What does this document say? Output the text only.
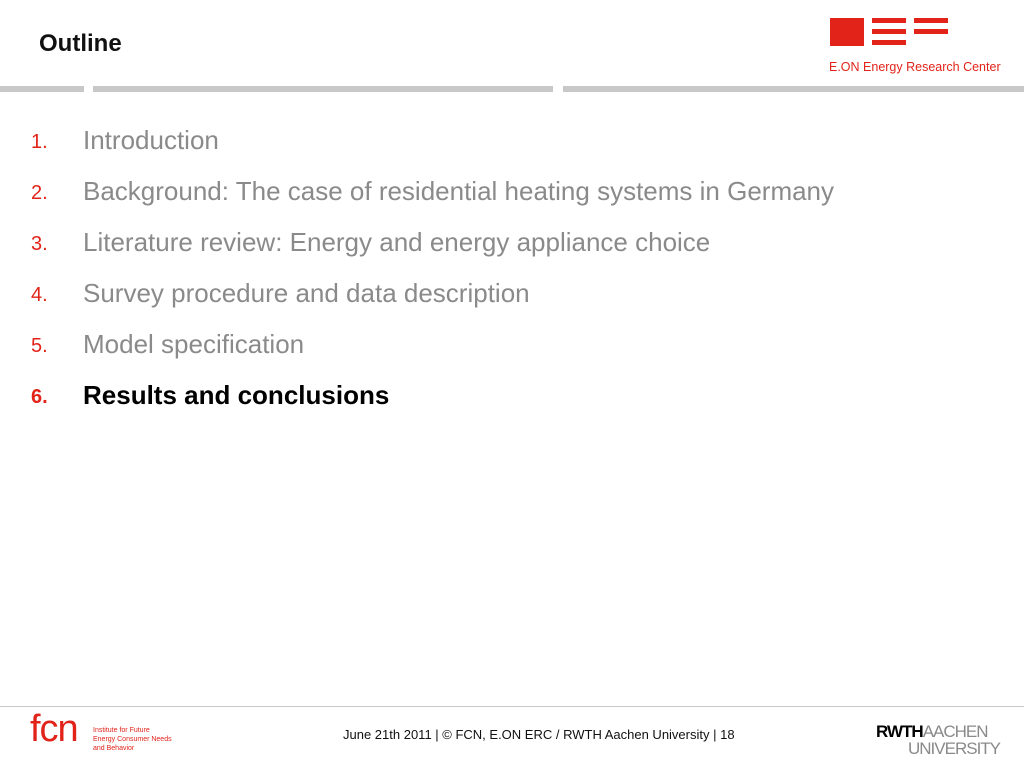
Outline
E.ON Energy Research Center
1. Introduction
2. Background: The case of residential heating systems in Germany
3. Literature review: Energy and energy appliance choice
4. Survey procedure and data description
5. Model specification
6. Results and conclusions
fcn Institute for Future
Energy Consumer Needs
and Behavior
June 21th 2011 | © FCN, E.ON ERC / RWTH Aachen University | 18	RWTHAACHEN
UNIVERSITY
